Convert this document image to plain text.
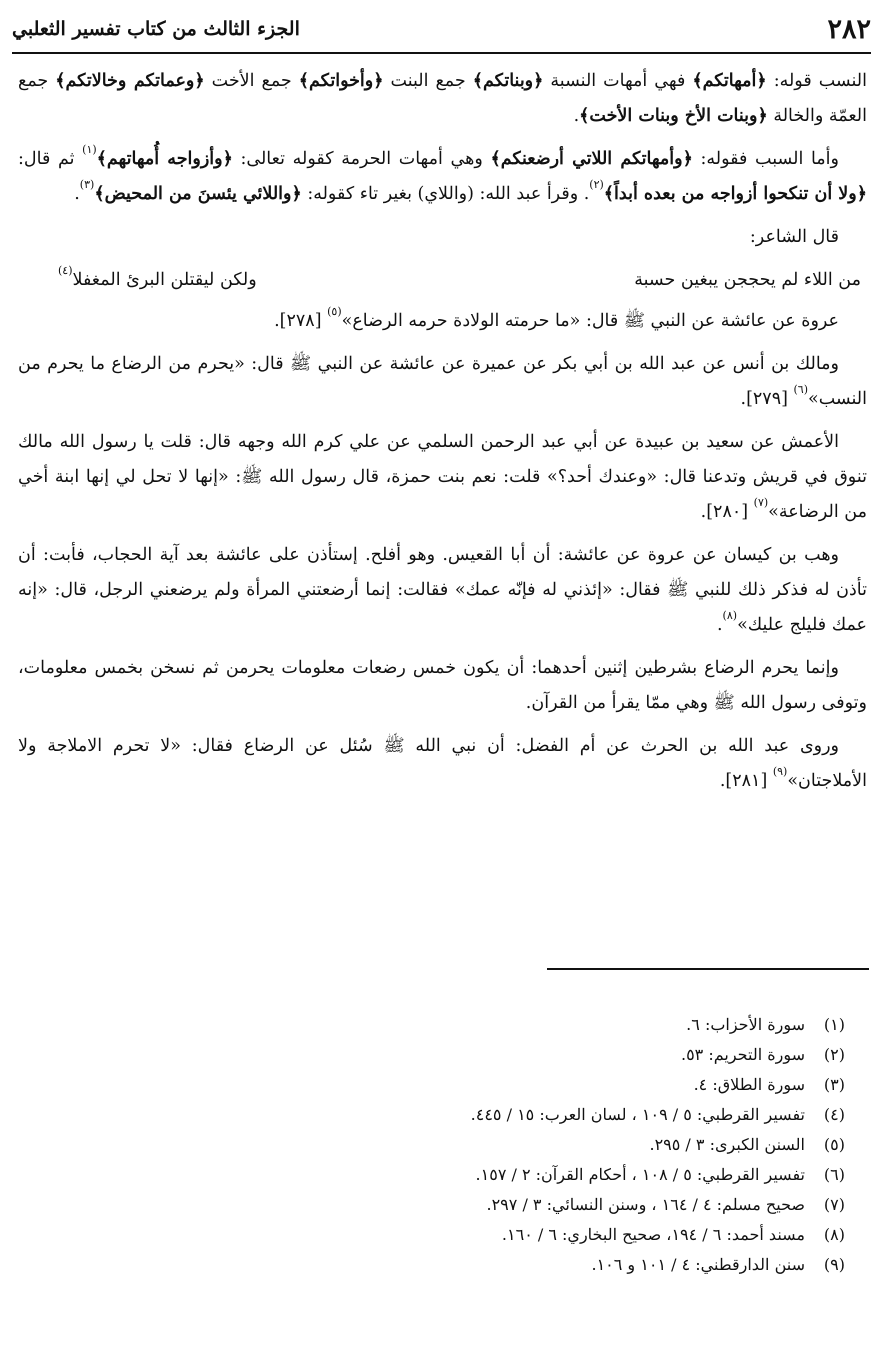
٢٨٢
الجزء الثالث من كتاب تفسير الثعلبي

النسب قوله: ﴿أمهاتكم﴾ فهي أمهات النسبة ﴿وبناتكم﴾ جمع البنت ﴿وأخواتكم﴾ جمع الأخت ﴿وعماتكم وخالاتكم﴾ جمع العمّة والخالة ﴿وبنات الأخ وبنات الأخت﴾.

وأما السبب فقوله: ﴿وأمهاتكم اللاتي أرضعنكم﴾ وهي أمهات الحرمة كقوله تعالى: ﴿وأزواجه أُمهاتهم﴾$^{(١)}$ ثم قال: ﴿ولا أن تنكحوا أزواجه من بعده أبداً﴾$^{(٢)}$. وقرأ عبد الله: (واللاي) بغير تاء كقوله: ﴿واللائي يئسنَ من المحيض﴾$^{(٣)}$.

قال الشاعر:

من اللاء لم يحججن يبغين حسبة
ولكن ليقتلن البرئ المغفلا$^{(٤)}$

عروة عن عائشة عن النبي ﷺ قال: «ما حرمته الولادة حرمه الرضاع»$^{(٥)}$ [٢٧٨].

ومالك بن أنس عن عبد الله بن أبي بكر عن عميرة عن عائشة عن النبي ﷺ قال: «يحرم من الرضاع ما يحرم من النسب»$^{(٦)}$ [٢٧٩].

الأعمش عن سعيد بن عبيدة عن أبي عبد الرحمن السلمي عن علي كرم الله وجهه قال: قلت يا رسول الله مالك تنوق في قريش وتدعنا قال: «وعندك أحد؟» قلت: نعم بنت حمزة، قال رسول الله ﷺ: «إنها لا تحل لي إنها ابنة أخي من الرضاعة»$^{(٧)}$ [٢٨٠].

وهب بن كيسان عن عروة عن عائشة: أن أبا القعيس. وهو أفلح. إستأذن على عائشة بعد آية الحجاب، فأبت: أن تأذن له فذكر ذلك للنبي ﷺ فقال: «إئذني له فإنّه عمك» فقالت: إنما أرضعتني المرأة ولم يرضعني الرجل، قال: «إنه عمك فليلج عليك»$^{(٨)}$.

وإنما يحرم الرضاع بشرطين إثنين أحدهما: أن يكون خمس رضعات معلومات يحرمن ثم نسخن بخمس معلومات، وتوفى رسول الله ﷺ وهي ممّا يقرأ من القرآن.

وروى عبد الله بن الحرث عن أم الفضل: أن نبي الله ﷺ سُئل عن الرضاع فقال: «لا تحرم الاملاجة ولا الأملاجتان»$^{(٩)}$ [٢٨١].

(١)
سورة الأحزاب: ٦.
(٢)
سورة التحريم: ٥٣.
(٣)
سورة الطلاق: ٤.
(٤)
تفسير القرطبي: ٥ / ١٠٩ ، لسان العرب: ١٥ / ٤٤٥.
(٥)
السنن الكبرى: ٣ / ٢٩٥.
(٦)
تفسير القرطبي: ٥ / ١٠٨ ، أحكام القرآن: ٢ / ١٥٧.
(٧)
صحيح مسلم: ٤ / ١٦٤ ، وسنن النسائي: ٣ / ٢٩٧.
(٨)
مسند أحمد: ٦ / ١٩٤، صحيح البخاري: ٦ / ١٦٠.
(٩)
سنن الدارقطني: ٤ / ١٠١ و ١٠٦.
